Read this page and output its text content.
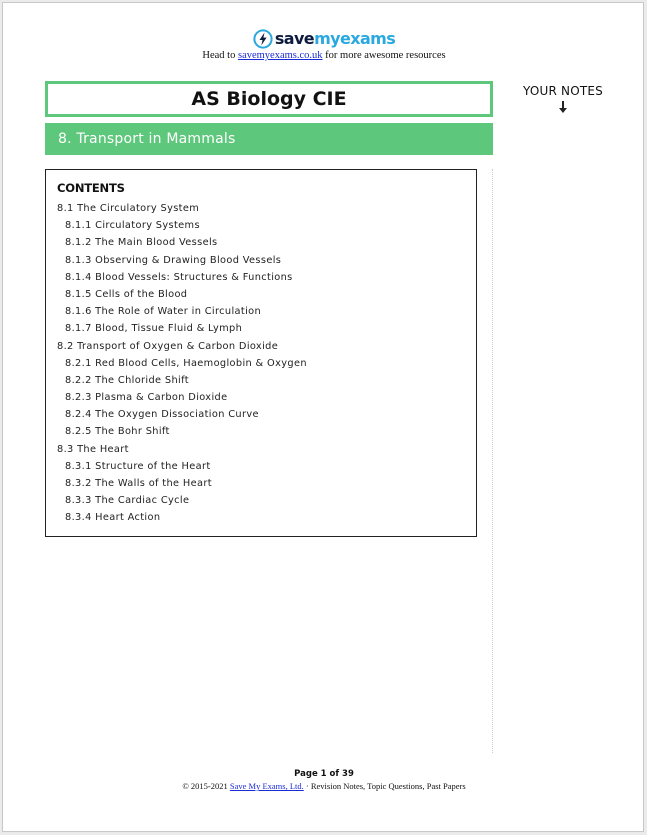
savemyexams
Head to savemyexams.co.uk for more awesome resources
AS Biology CIE
8. Transport in Mammals
YOUR NOTES
CONTENTS
8.1 The Circulatory System
8.1.1 Circulatory Systems
8.1.2 The Main Blood Vessels
8.1.3 Observing & Drawing Blood Vessels
8.1.4 Blood Vessels: Structures & Functions
8.1.5 Cells of the Blood
8.1.6 The Role of Water in Circulation
8.1.7 Blood, Tissue Fluid & Lymph
8.2 Transport of Oxygen & Carbon Dioxide
8.2.1 Red Blood Cells, Haemoglobin & Oxygen
8.2.2 The Chloride Shift
8.2.3 Plasma & Carbon Dioxide
8.2.4 The Oxygen Dissociation Curve
8.2.5 The Bohr Shift
8.3 The Heart
8.3.1 Structure of the Heart
8.3.2 The Walls of the Heart
8.3.3 The Cardiac Cycle
8.3.4 Heart Action
Page 1 of 39
© 2015-2021 Save My Exams, Ltd. · Revision Notes, Topic Questions, Past Papers
